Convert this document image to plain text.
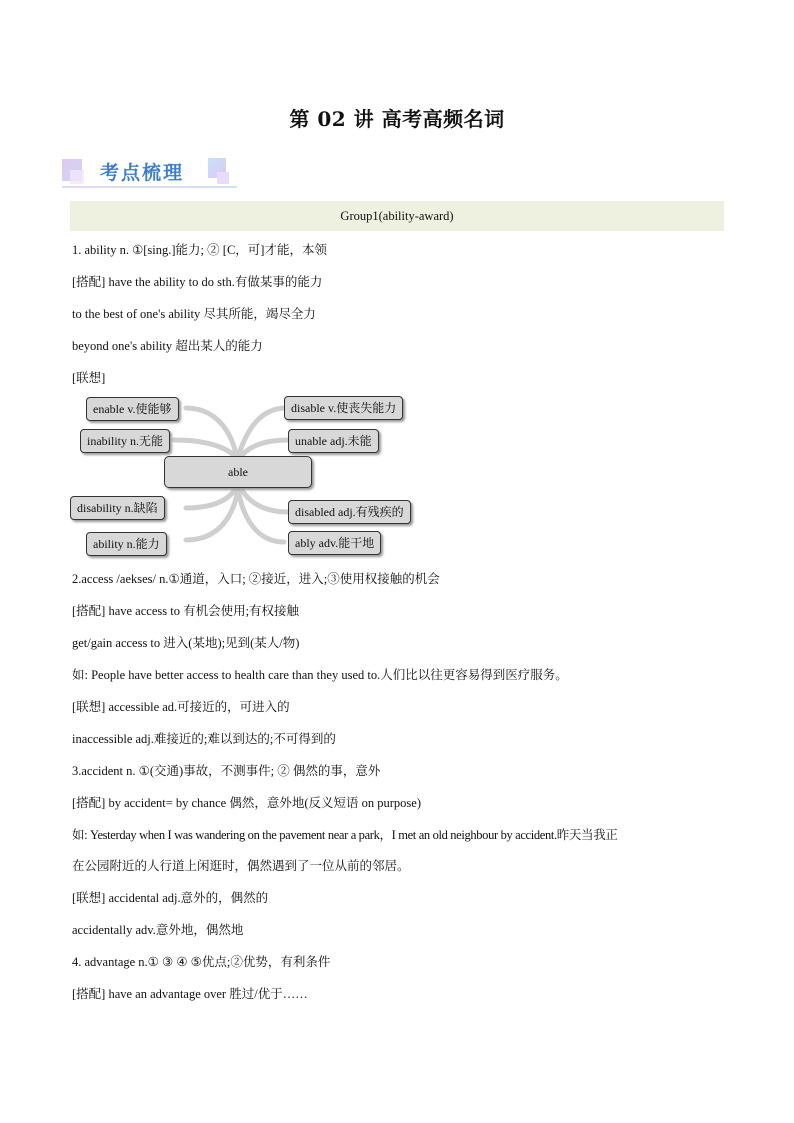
第 02 讲 高考高频名词
考点梳理
Group1(ability-award)
1. ability n. ①[sing.]能力; ② [C，可]才能，本领
[搭配] have the ability to do sth.有做某事的能力
to the best of one's ability 尽其所能，竭尽全力
beyond one's ability 超出某人的能力
[联想]
enable v.使能够
inability n.无能
disability n.缺陷
ability n.能力
able
disable v.使丧失能力
unable adj.未能
disabled adj.有残疾的
ably adv.能干地
2.access /aekses/ n.①通道，入口; ②接近，进入;③使用权接触的机会
[搭配] have access to 有机会使用;有权接触
get/gain access to 进入(某地);见到(某人/物)
如: People have better access to health care than they used to.人们比以往更容易得到医疗服务。
[联想] accessible ad.可接近的，可进入的
inaccessible adj.难接近的;难以到达的;不可得到的
3.accident n. ①(交通)事故，不测事件; ② 偶然的事，意外
[搭配] by accident= by chance 偶然，意外地(反义短语 on purpose)
如: Yesterday when I was wandering on the pavement near a park，I met an old neighbour by accident.昨天当我正
在公园附近的人行道上闲逛时，偶然遇到了一位从前的邻居。
[联想] accidental adj.意外的，偶然的
accidentally adv.意外地，偶然地
4. advantage n.① ③ ④ ⑤优点;②优势，有利条件
[搭配] have an advantage over 胜过/优于……
